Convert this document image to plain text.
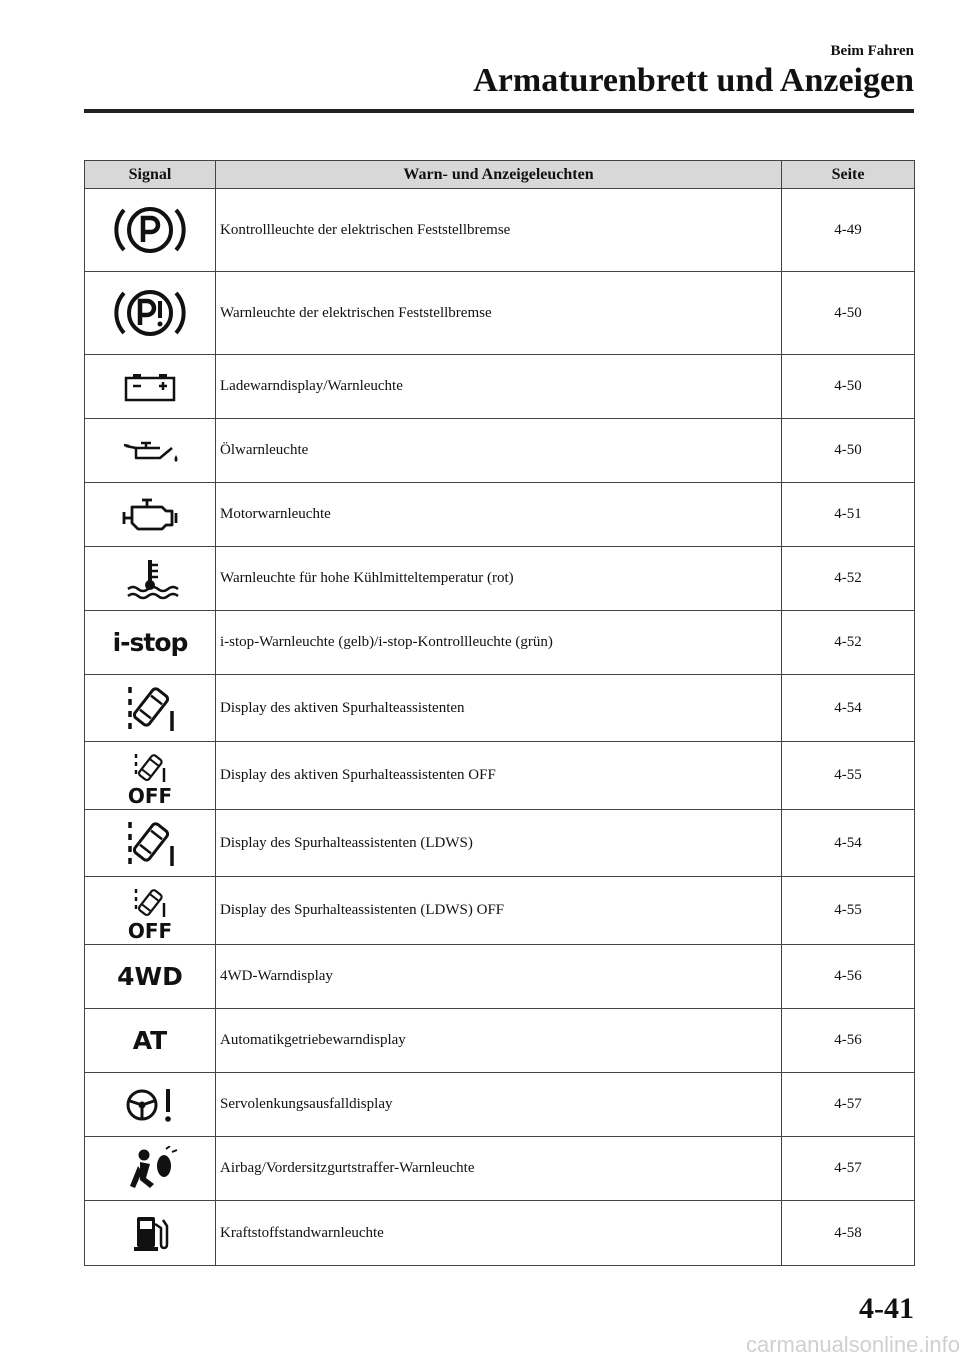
Beim Fahren
Armaturenbrett und Anzeigen
Signal	Warn- und Anzeigeleuchten	Seite

	Kontrollleuchte der elektrischen Feststellbremse	4-49

	Warnleuchte der elektrischen Feststellbremse	4-50

	Ladewarndisplay/Warnleuchte	4-50

	Ölwarnleuchte	4-50

	Motorwarnleuchte	4-51

	Warnleuchte für hohe Kühlmitteltemperatur (rot)	4-52

i-stop	i-stop-Warnleuchte (gelb)/i-stop-Kontrollleuchte (grün)	4-52

	Display des aktiven Spurhalteassistenten	4-54

OFF	Display des aktiven Spurhalteassistenten OFF	4-55

	Display des Spurhalteassistenten (LDWS)	4-54

OFF	Display des Spurhalteassistenten (LDWS) OFF	4-55

4WD	4WD-Warndisplay	4-56

AT	Automatikgetriebewarndisplay	4-56

	Servolenkungsausfalldisplay	4-57

	Airbag/Vordersitzgurtstraffer-Warnleuchte	4-57

	Kraftstoffstandwarnleuchte	4-58
4-41
carmanualsonline.info
